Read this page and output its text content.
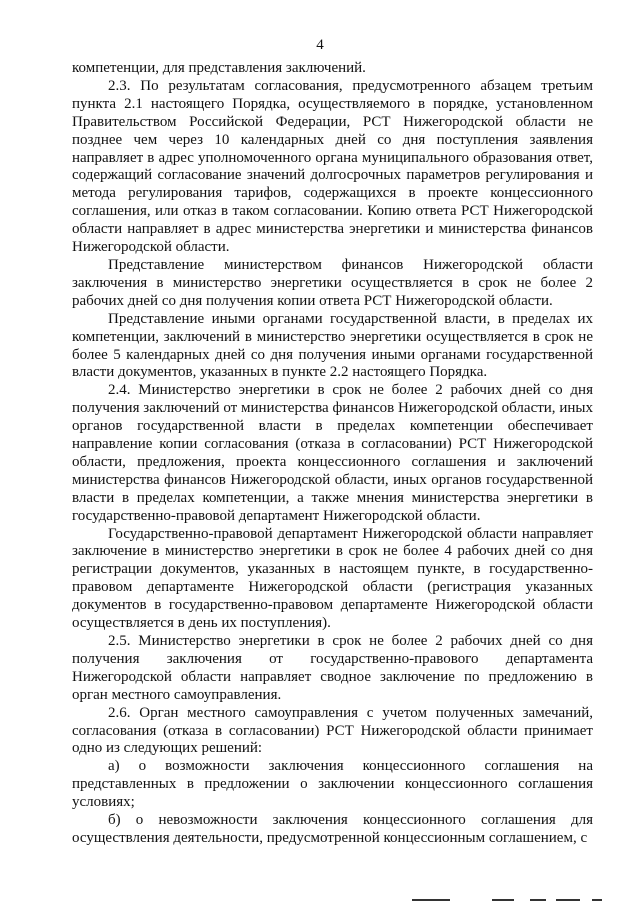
4

компетенции, для представления заключений.

2.3. По результатам согласования, предусмотренного абзацем третьим пункта 2.1 настоящего Порядка, осуществляемого в порядке, установленном Правительством Российской Федерации, РСТ Нижегородской области не позднее чем через 10 календарных дней со дня поступления заявления направляет в адрес уполномоченного органа муниципального образования ответ, содержащий согласование значений долгосрочных параметров регулирования и метода регулирования тарифов, содержащихся в проекте концессионного соглашения, или отказ в таком согласовании. Копию ответа РСТ Нижегородской области направляет в адрес министерства энергетики и министерства финансов Нижегородской области.

Представление министерством финансов Нижегородской области заключения в министерство энергетики осуществляется в срок не более 2 рабочих дней со дня получения копии ответа РСТ Нижегородской области.

Представление иными органами государственной власти, в пределах их компетенции, заключений в министерство энергетики осуществляется в срок не более 5 календарных дней со дня получения иными органами государственной власти документов, указанных в пункте 2.2 настоящего Порядка.

2.4. Министерство энергетики в срок не более 2 рабочих дней со дня получения заключений от министерства финансов Нижегородской области, иных органов государственной власти в пределах компетенции обеспечивает направление копии согласования (отказа в согласовании) РСТ Нижегородской области, предложения, проекта концессионного соглашения и заключений министерства финансов Нижегородской области, иных органов государственной власти в пределах компетенции, а также мнения министерства энергетики в государственно-правовой департамент Нижегородской области.

Государственно-правовой департамент Нижегородской области направляет заключение в министерство энергетики в срок не более 4 рабочих дней со дня регистрации документов, указанных в настоящем пункте, в государственно-правовом департаменте Нижегородской области (регистрация указанных документов в государственно-правовом департаменте Нижегородской области осуществляется в день их поступления).

2.5. Министерство энергетики в срок не более 2 рабочих дней со дня получения заключения от государственно-правового департамента Нижегородской области направляет сводное заключение по предложению в орган местного самоуправления.

2.6. Орган местного самоуправления с учетом полученных замечаний, согласования (отказа в согласовании) РСТ Нижегородской области принимает одно из следующих решений:

а) о возможности заключения концессионного соглашения на представленных в предложении о заключении концессионного соглашения условиях;

б) о невозможности заключения концессионного соглашения для осуществления деятельности, предусмотренной концессионным соглашением, с
